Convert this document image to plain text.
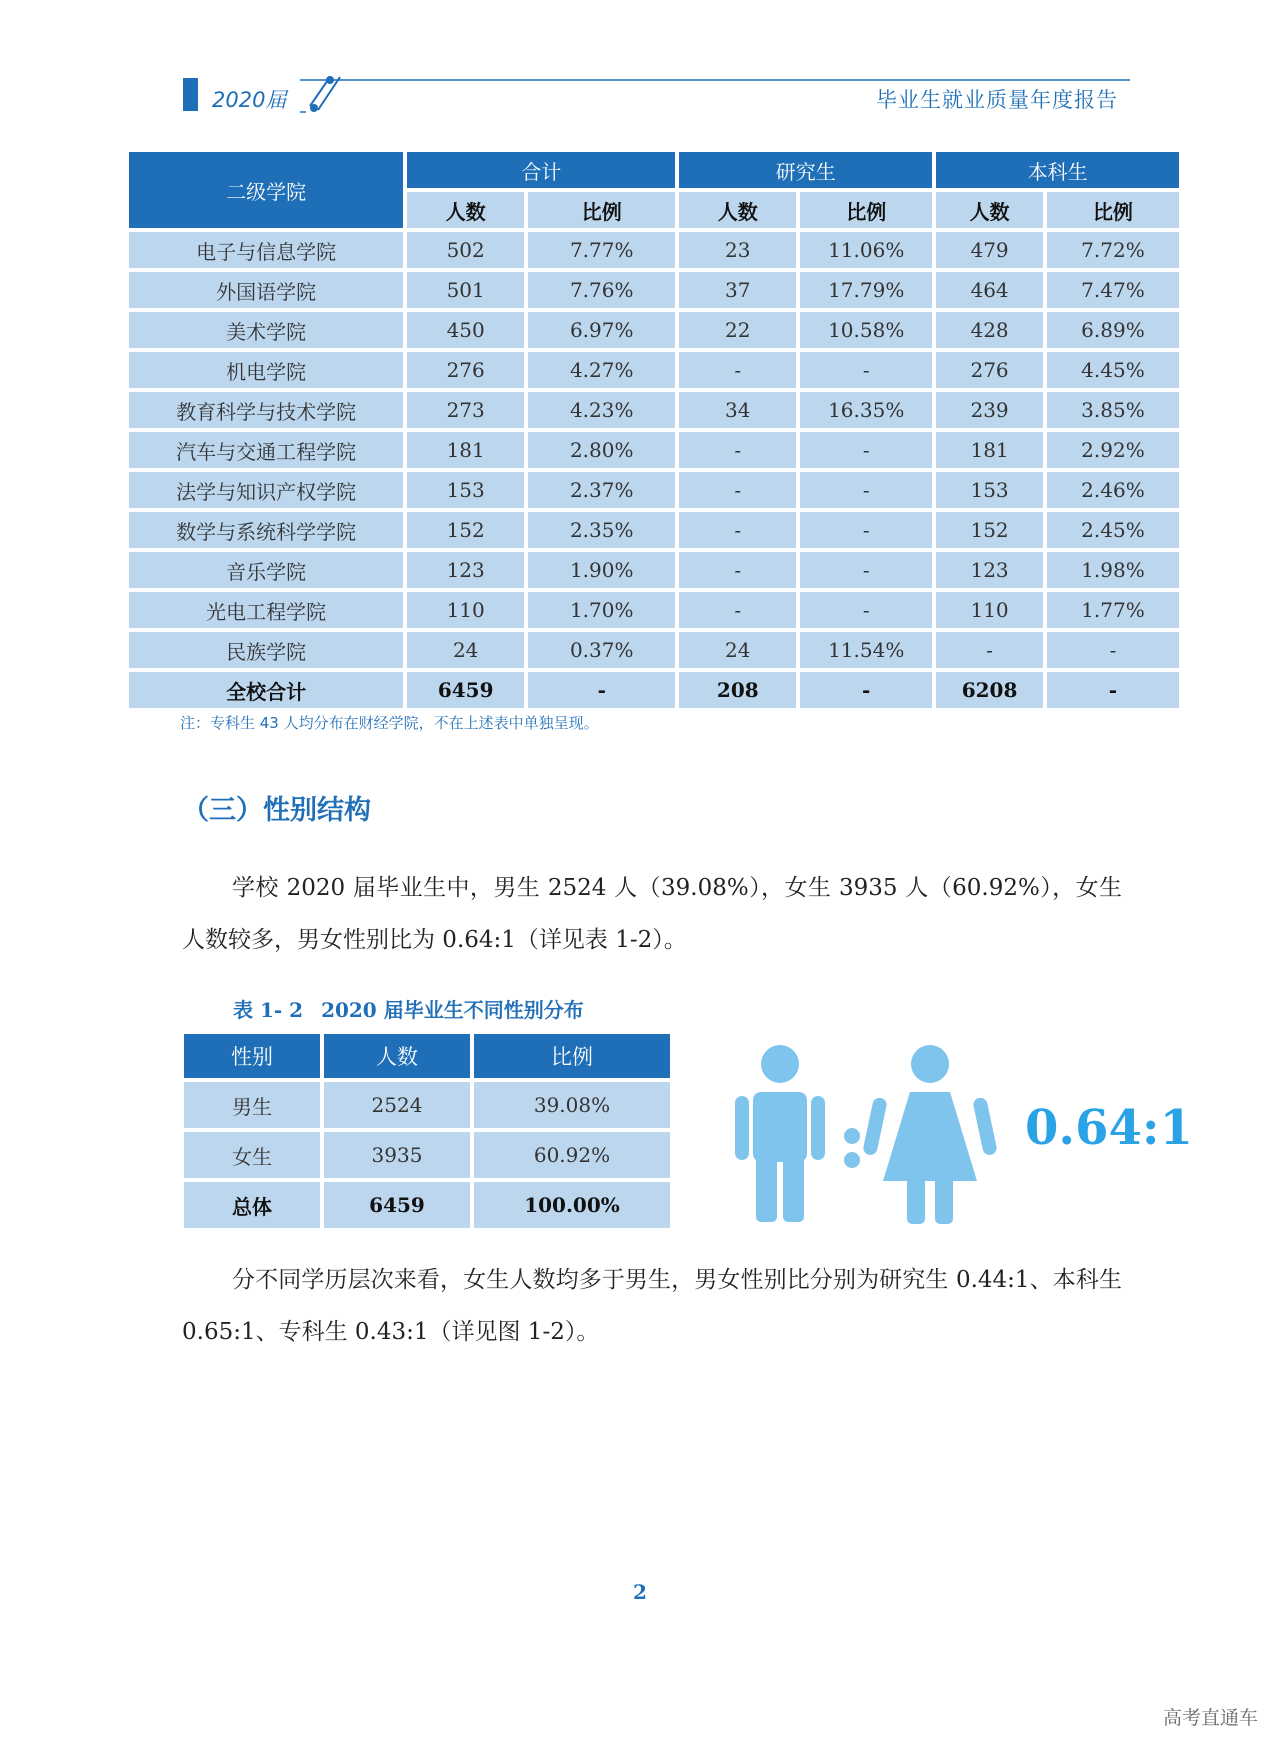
2020届	毕业生就业质量年度报告
二级学院	合计		研究生		本科生	
	人数	比例	人数	比例	人数	比例
电子与信息学院	502	7.77%	23	11.06%	479	7.72%
外国语学院	501	7.76%	37	17.79%	464	7.47%
美术学院	450	6.97%	22	10.58%	428	6.89%
机电学院	276	4.27%	-	-	276	4.45%
教育科学与技术学院	273	4.23%	34	16.35%	239	3.85%
汽车与交通工程学院	181	2.80%	-	-	181	2.92%
法学与知识产权学院	153	2.37%	-	-	153	2.46%
数学与系统科学学院	152	2.35%	-	-	152	2.45%
音乐学院	123	1.90%	-	-	123	1.98%
光电工程学院	110	1.70%	-	-	110	1.77%
民族学院	24	0.37%	24	11.54%	-	-
全校合计	6459	-	208	-	6208	-
注：专科生 43 人均分布在财经学院，不在上述表中单独呈现。
（三）性别结构
学校 2020 届毕业生中，男生 2524 人（39.08%），女生 3935 人（60.92%），女生人数较多，男女性别比为 0.64:1（详见表 1-2）。
表 1- 2 2020 届毕业生不同性别分布
性别	人数	比例
男生	2524	39.08%
女生	3935	60.92%
总体	6459	100.00%
0.64:1
分不同学历层次来看，女生人数均多于男生，男女性别比分别为研究生 0.44:1、本科生 0.65:1、专科生 0.43:1（详见图 1-2）。
2
高考直通车
